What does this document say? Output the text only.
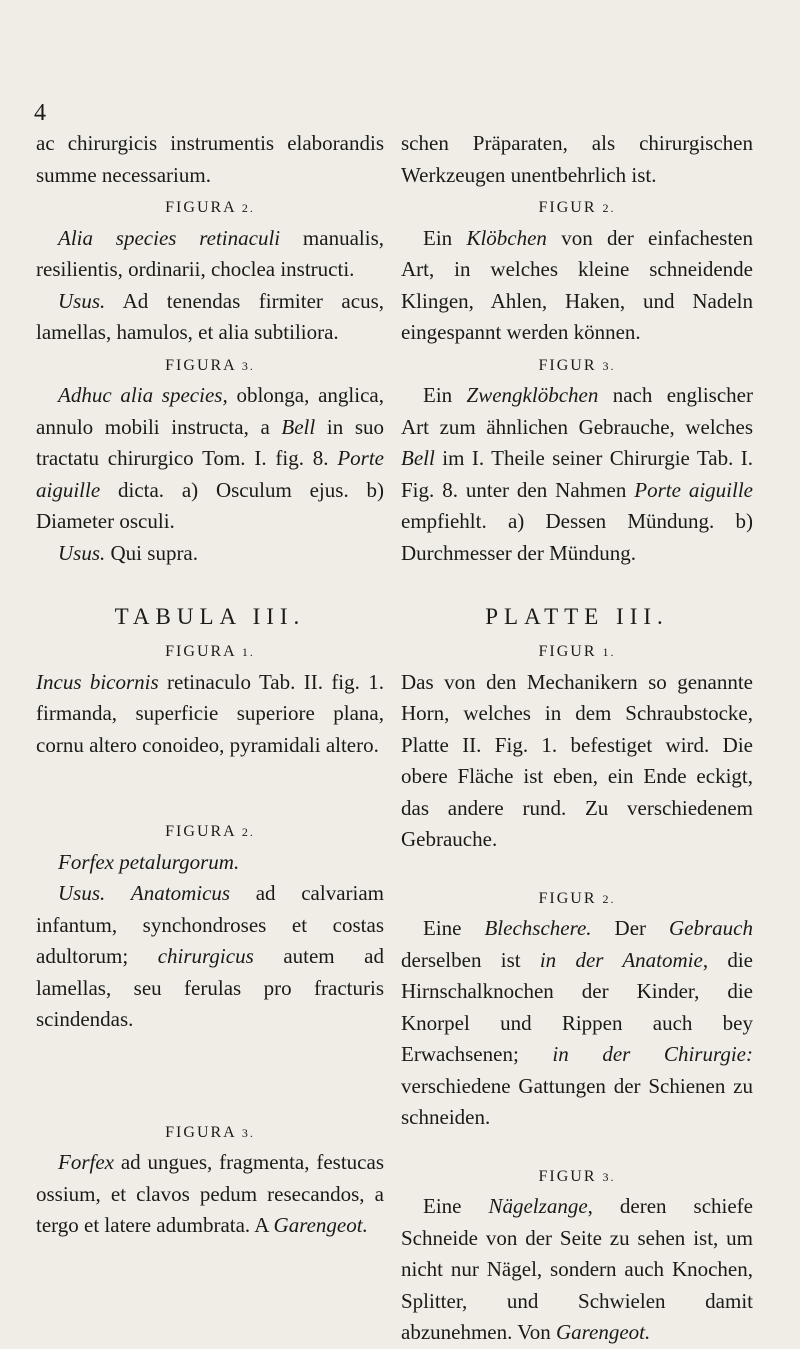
4

ac chirurgicis instrumentis elaborandis summe necessarium.

FIGURA 2.

Alia species retinaculi manualis, resilientis, ordinarii, choclea instructi.

Usus. Ad tenendas firmiter acus, lamellas, hamulos, et alia subtiliora.

FIGURA 3.

Adhuc alia species, oblonga, anglica, annulo mobili instructa, a Bell in suo tractatu chirurgico Tom. I. fig. 8. Porte aiguille dicta. a) Osculum ejus. b) Diameter osculi.

Usus. Qui supra.

TABULA III.
FIGURA 1.

Incus bicornis retinaculo Tab. II. fig. 1. firmanda, superficie superiore plana, cornu altero conoideo, pyramidali altero.

FIGURA 2.

Forfex petalurgorum.

Usus. Anatomicus ad calvariam infantum, synchondroses et costas adultorum; chirurgicus autem ad lamellas, seu ferulas pro fracturis scindendas.

FIGURA 3.

Forfex ad ungues, fragmenta, festucas ossium, et clavos pedum resecandos, a tergo et latere adumbrata. A Garengeot.

schen Präparaten, als chirurgischen Werkzeugen unentbehrlich ist.

FIGUR 2.

Ein Klöbchen von der einfachesten Art, in welches kleine schneidende Klingen, Ahlen, Haken, und Nadeln eingespannt werden können.

FIGUR 3.

Ein Zwengklöbchen nach englischer Art zum ähnlichen Gebrauche, welches Bell im I. Theile seiner Chirurgie Tab. I. Fig. 8. unter den Nahmen Porte aiguille empfiehlt. a) Dessen Mündung. b) Durchmesser der Mündung.

PLATTE III.
FIGUR 1.

Das von den Mechanikern so genannte Horn, welches in dem Schraubstocke, Platte II. Fig. 1. befestiget wird. Die obere Fläche ist eben, ein Ende eckigt, das andere rund. Zu verschiedenem Gebrauche.

FIGUR 2.

Eine Blechschere. Der Gebrauch derselben ist in der Anatomie, die Hirnschalknochen der Kinder, die Knorpel und Rippen auch bey Erwachsenen; in der Chirurgie: verschiedene Gattungen der Schienen zu schneiden.

FIGUR 3.

Eine Nägelzange, deren schiefe Schneide von der Seite zu sehen ist, um nicht nur Nägel, sondern auch Knochen, Splitter, und Schwielen damit abzunehmen. Von Garengeot.
